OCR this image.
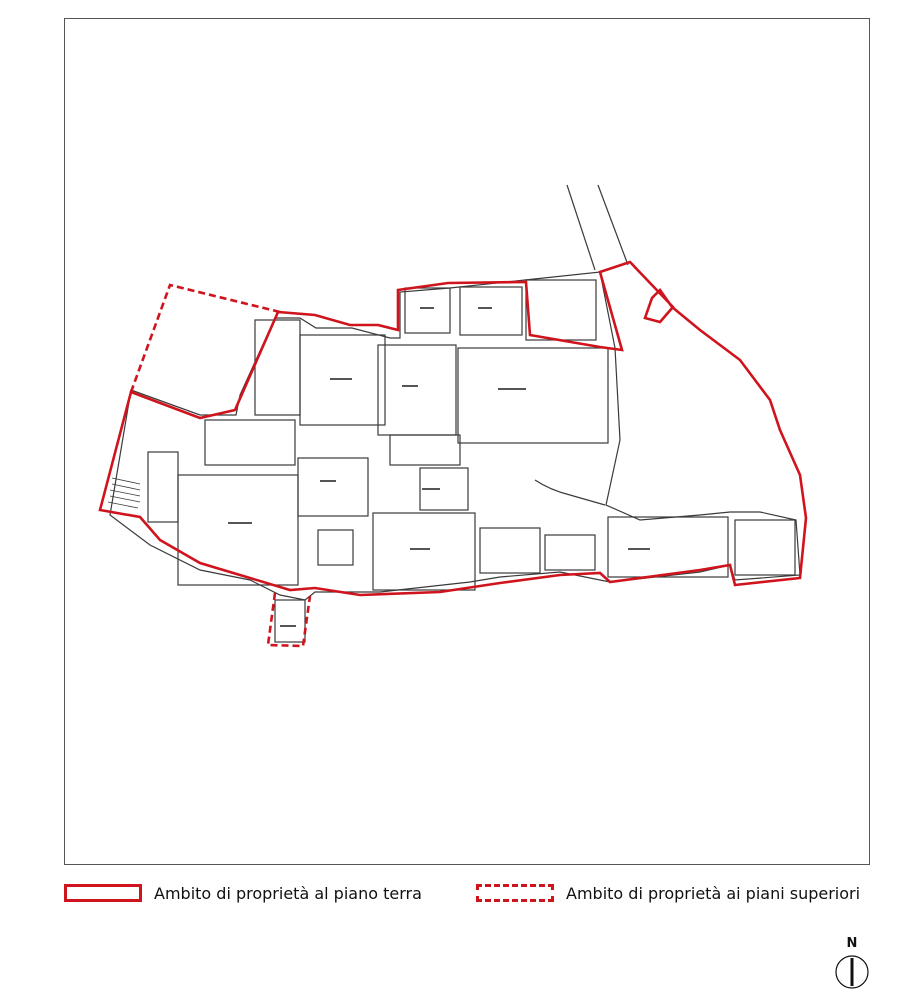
Ambito di proprietà al piano terra	Ambito di proprietà ai piani superiori
N
